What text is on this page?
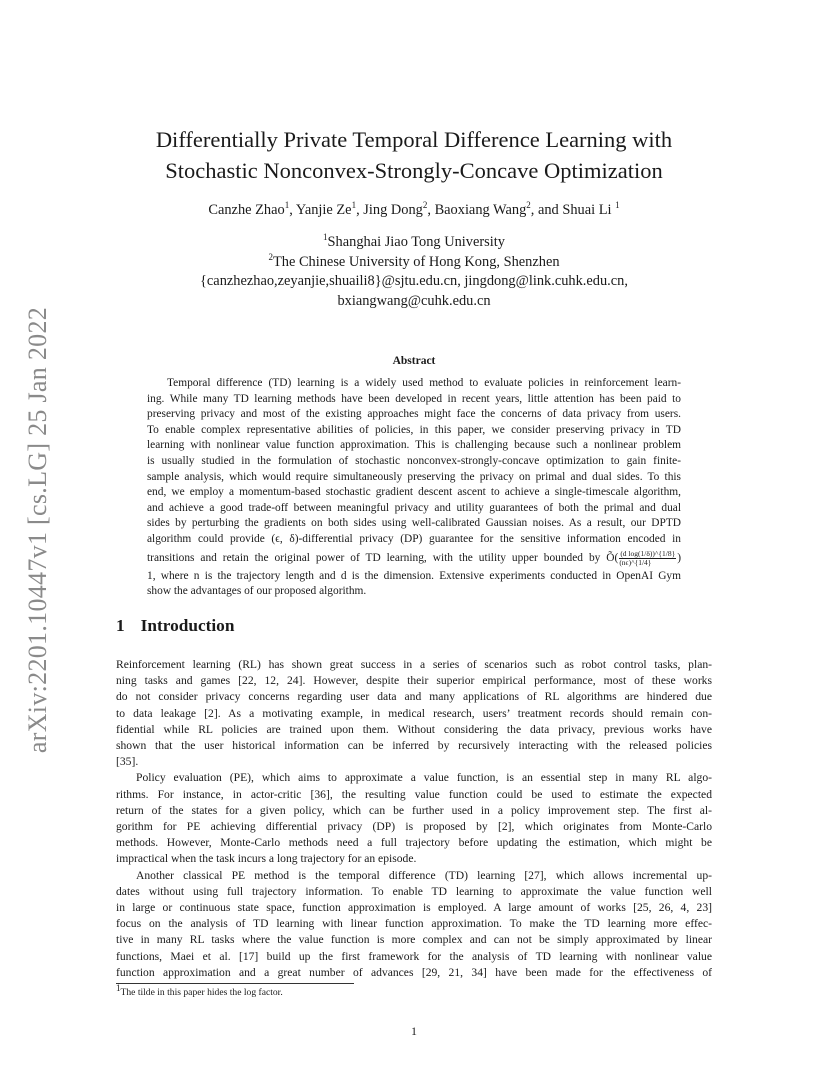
arXiv:2201.10447v1 [cs.LG] 25 Jan 2022
Differentially Private Temporal Difference Learning with
Stochastic Nonconvex-Strongly-Concave Optimization
Canzhe Zhao$^1$, Yanjie Ze$^1$, Jing Dong$^2$, Baoxiang Wang$^2$, and Shuai Li $^1$
$^1$Shanghai Jiao Tong University
$^2$The Chinese University of Hong Kong, Shenzhen
{canzhezhao,zeyanjie,shuaili8}@sjtu.edu.cn, jingdong@link.cuhk.edu.cn,
bxiangwang@cuhk.edu.cn
Abstract
Temporal difference (TD) learning is a widely used method to evaluate policies in reinforcement learn-
ing. While many TD learning methods have been developed in recent years, little attention has been paid to
preserving privacy and most of the existing approaches might face the concerns of data privacy from users.
To enable complex representative abilities of policies, in this paper, we consider preserving privacy in TD
learning with nonlinear value function approximation. This is challenging because such a nonlinear problem
is usually studied in the formulation of stochastic nonconvex-strongly-concave optimization to gain finite-
sample analysis, which would require simultaneously preserving the privacy on primal and dual sides. To this
end, we employ a momentum-based stochastic gradient descent ascent to achieve a single-timescale algorithm,
and achieve a good trade-off between meaningful privacy and utility guarantees of both the primal and dual
sides by perturbing the gradients on both sides using well-calibrated Gaussian noises. As a result, our DPTD
algorithm could provide (ϵ, δ)-differential privacy (DP) guarantee for the sensitive information encoded in
transitions and retain the original power of TD learning, with the utility upper bounded by Õ( $\frac{\text{(d log(1/δ))\textasciicircum{}\{1/8\}}}{(n\epsilon)\^{}\{1/4\}}$ )
1, where n is the trajectory length and d is the dimension. Extensive experiments conducted in OpenAI Gym
show the advantages of our proposed algorithm.
1 Introduction
Reinforcement learning (RL) has shown great success in a series of scenarios such as robot control tasks, plan-
ning tasks and games [22, 12, 24]. However, despite their superior empirical performance, most of these works
do not consider privacy concerns regarding user data and many applications of RL algorithms are hindered due
to data leakage [2]. As a motivating example, in medical research, users’ treatment records should remain con-
fidential while RL policies are trained upon them. Without considering the data privacy, previous works have
shown that the user historical information can be inferred by recursively interacting with the released policies
[35].
Policy evaluation (PE), which aims to approximate a value function, is an essential step in many RL algo-
rithms. For instance, in actor-critic [36], the resulting value function could be used to estimate the expected
return of the states for a given policy, which can be further used in a policy improvement step. The first al-
gorithm for PE achieving differential privacy (DP) is proposed by [2], which originates from Monte-Carlo
methods. However, Monte-Carlo methods need a full trajectory before updating the estimation, which might be
impractical when the task incurs a long trajectory for an episode.
Another classical PE method is the temporal difference (TD) learning [27], which allows incremental up-
dates without using full trajectory information. To enable TD learning to approximate the value function well
in large or continuous state space, function approximation is employed. A large amount of works [25, 26, 4, 23]
focus on the analysis of TD learning with linear function approximation. To make the TD learning more effec-
tive in many RL tasks where the value function is more complex and can not be simply approximated by linear
functions, Maei et al. [17] build up the first framework for the analysis of TD learning with nonlinear value
function approximation and a great number of advances [29, 21, 34] have been made for the effectiveness of
$^1$The tilde in this paper hides the log factor.
1
